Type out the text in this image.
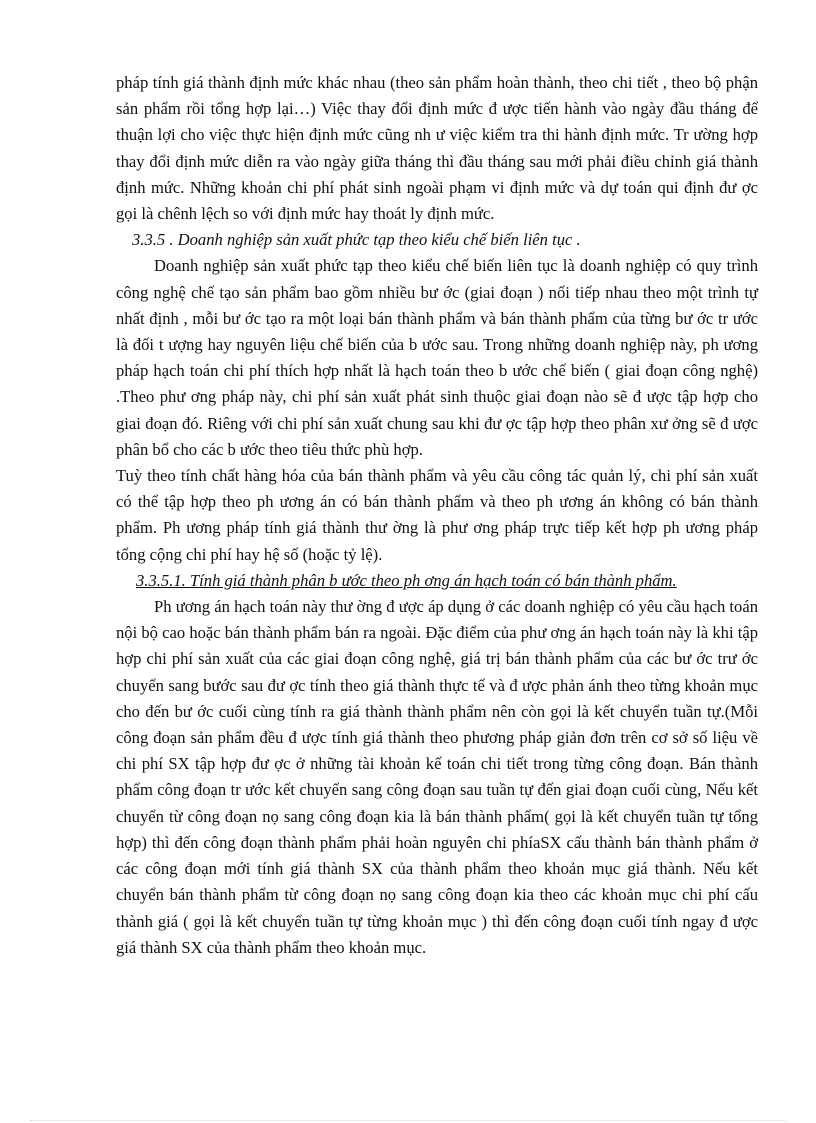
pháp tính giá thành định mức khác nhau (theo sản phẩm hoàn thành, theo chi tiết , theo bộ phận sản phẩm rồi tổng hợp lại…) Việc thay đổi định mức đ ược tiến hành vào ngày đầu tháng để thuận lợi cho việc thực hiện định mức cũng nh ư việc kiểm tra thi hành định mức. Tr ường hợp thay đổi định mức diễn ra vào ngày giữa tháng thì đầu tháng sau mới phải điều chỉnh giá thành định mức. Những khoản chi phí phát sinh ngoài phạm vi định mức và dự toán qui định đư ợc gọi là chênh lệch so với định mức hay thoát ly định mức.

3.3.5 . Doanh nghiệp sản xuất phức tạp theo kiểu chế biến liên tục .

Doanh nghiệp sản xuất phức tạp theo kiểu chế biến liên tục là doanh nghiệp có quy trình công nghệ chế tạo sản phẩm bao gồm nhiều bư ớc (giai đoạn ) nối tiếp nhau theo một trình tự nhất định , mỗi bư ớc tạo ra một loại bán thành phẩm và bán thành phẩm của từng bư ớc tr ước là đối t ượng hay nguyên liệu chế biến của b ước sau. Trong những doanh nghiệp này, ph ương pháp hạch toán chi phí thích hợp nhất là hạch toán theo b ước chế biến ( giai đoạn công nghệ) .Theo phư ơng pháp này, chi phí sản xuất phát sinh thuộc giai đoạn nào sẽ đ ược tập hợp cho giai đoạn đó. Riêng với chi phí sản xuất chung sau khi đư ợc tập hợp theo phân xư ởng sẽ đ ược phân bổ cho các b ước theo tiêu thức phù hợp.

Tuỳ theo tính chất hàng hóa của bán thành phẩm và yêu cầu công tác quản lý, chi phí sản xuất có thể tập hợp theo ph ương án có bán thành phẩm và theo ph ương án không có bán thành phẩm. Ph ương pháp tính giá thành thư ờng là phư ơng pháp trực tiếp kết hợp ph ương pháp tổng cộng chi phí hay hệ số (hoặc tỷ lệ).

3.3.5.1. Tính giá thành phân b ước theo ph ơng án hạch toán có bán thành phẩm.

Ph ương án hạch toán này thư ờng đ ược áp dụng ở các doanh nghiệp có yêu cầu hạch toán nội bộ cao hoặc bán thành phẩm bán ra ngoài. Đặc điểm của phư ơng án hạch toán này là khi tập hợp chi phí sản xuất của các giai đoạn công nghệ, giá trị bán thành phẩm của các bư ớc trư ớc chuyển sang bước sau đư ợc tính theo giá thành thực tế và đ ược phản ánh theo từng khoản mục cho đến bư ớc cuối cùng tính ra giá thành thành phẩm nên còn gọi là kết chuyển tuần tự.(Mỗi công đoạn sản phẩm đều đ ược tính giá thành theo phương pháp giản đơn trên cơ sở số liệu về chi phí SX tập hợp đư ợc ở những tài khoản kế toán chi tiết trong từng công đoạn. Bán thành phẩm công đoạn tr ước kết chuyển sang công đoạn sau tuần tự đến giai đoạn cuối cùng, Nếu kết chuyển từ công đoạn nọ sang công đoạn kia là bán thành phẩm( gọi là kết chuyển tuần tự tổng hợp) thì đến công đoạn thành phẩm phải hoàn nguyên chi phíaSX cấu thành bán thành phẩm ở các công đoạn mới tính giá thành SX của thành phẩm theo khoản mục giá thành. Nếu kết chuyển bán thành phẩm từ công đoạn nọ sang công đoạn kia theo các khoản mục chi phí cấu thành giá ( gọi là kết chuyển tuần tự từng khoản mục ) thì đến công đoạn cuối tính ngay đ ược giá thành SX của thành phẩm theo khoản mục.
